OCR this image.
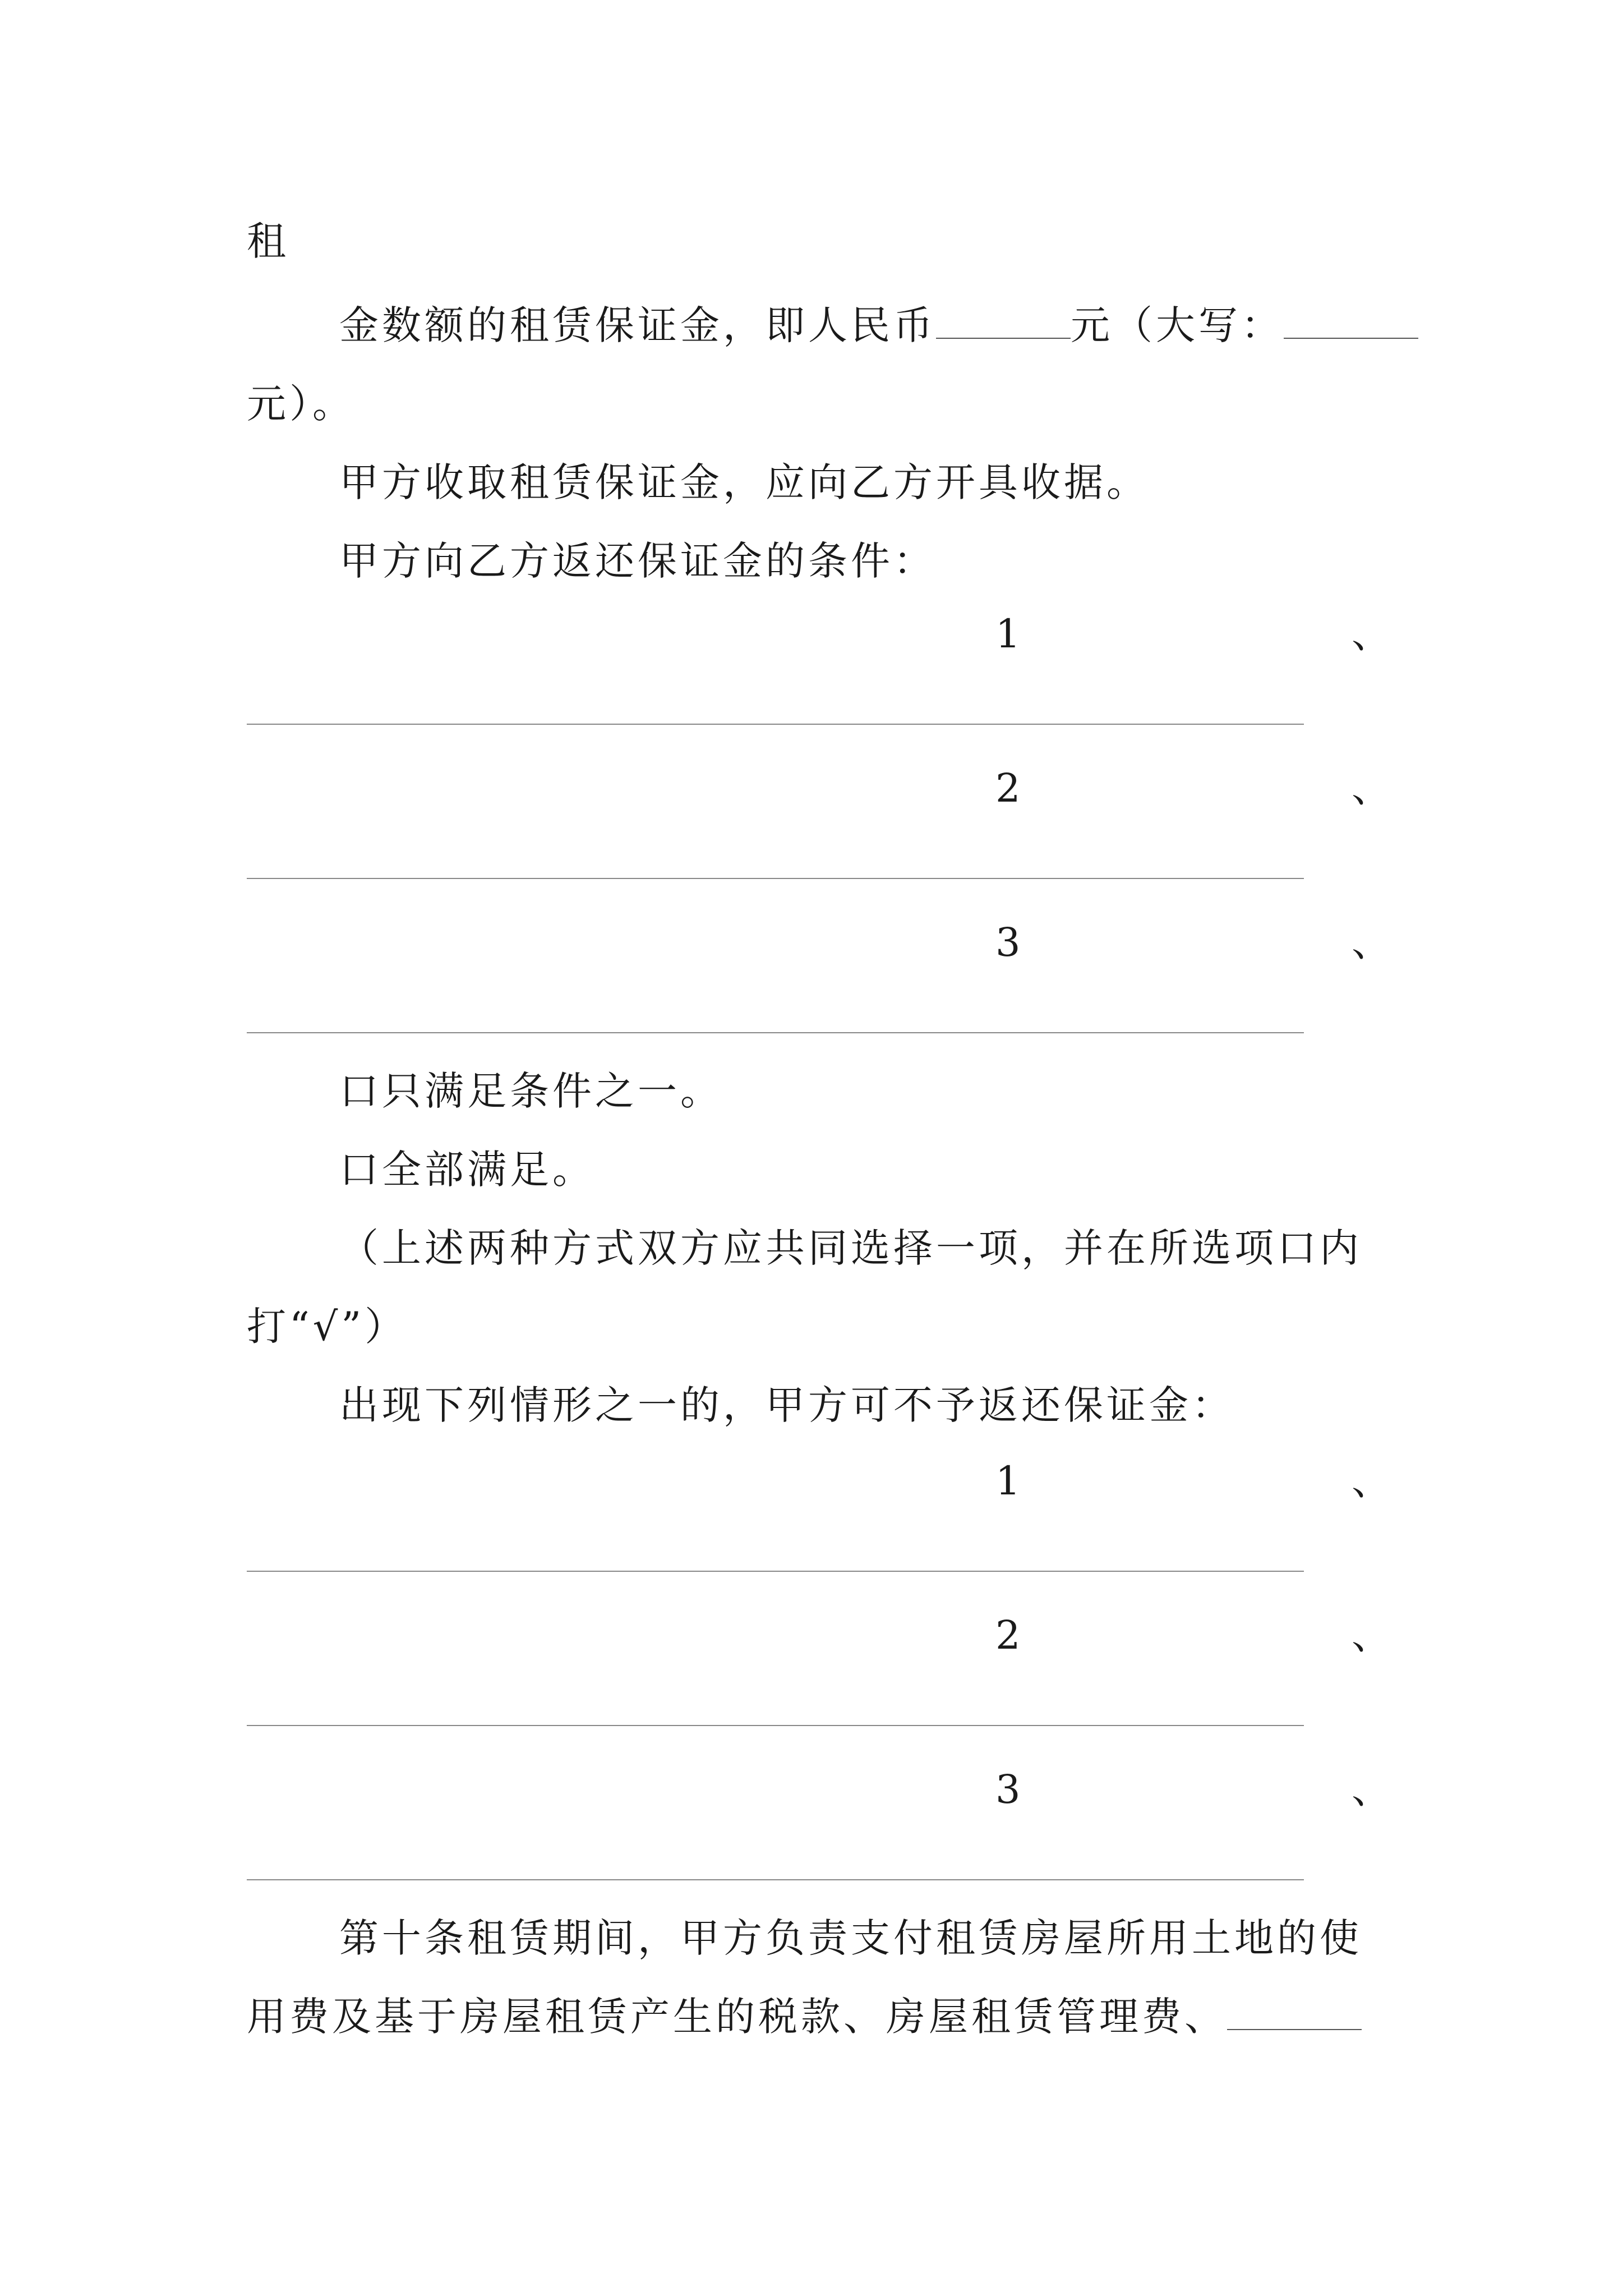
租
金数额的租赁保证金，即人民币	元（大写：
元）。
甲方收取租赁保证金，应向乙方开具收据。
甲方向乙方返还保证金的条件：
1	、
2	、
3	、
口只满足条件之一。
口全部满足。
（上述两种方式双方应共同选择一项，并在所选项口内
打“√”）
出现下列情形之一的，甲方可不予返还保证金：
1	、
2	、
3	、
第十条租赁期间，甲方负责支付租赁房屋所用土地的使
用费及基于房屋租赁产生的税款、房屋租赁管理费、
